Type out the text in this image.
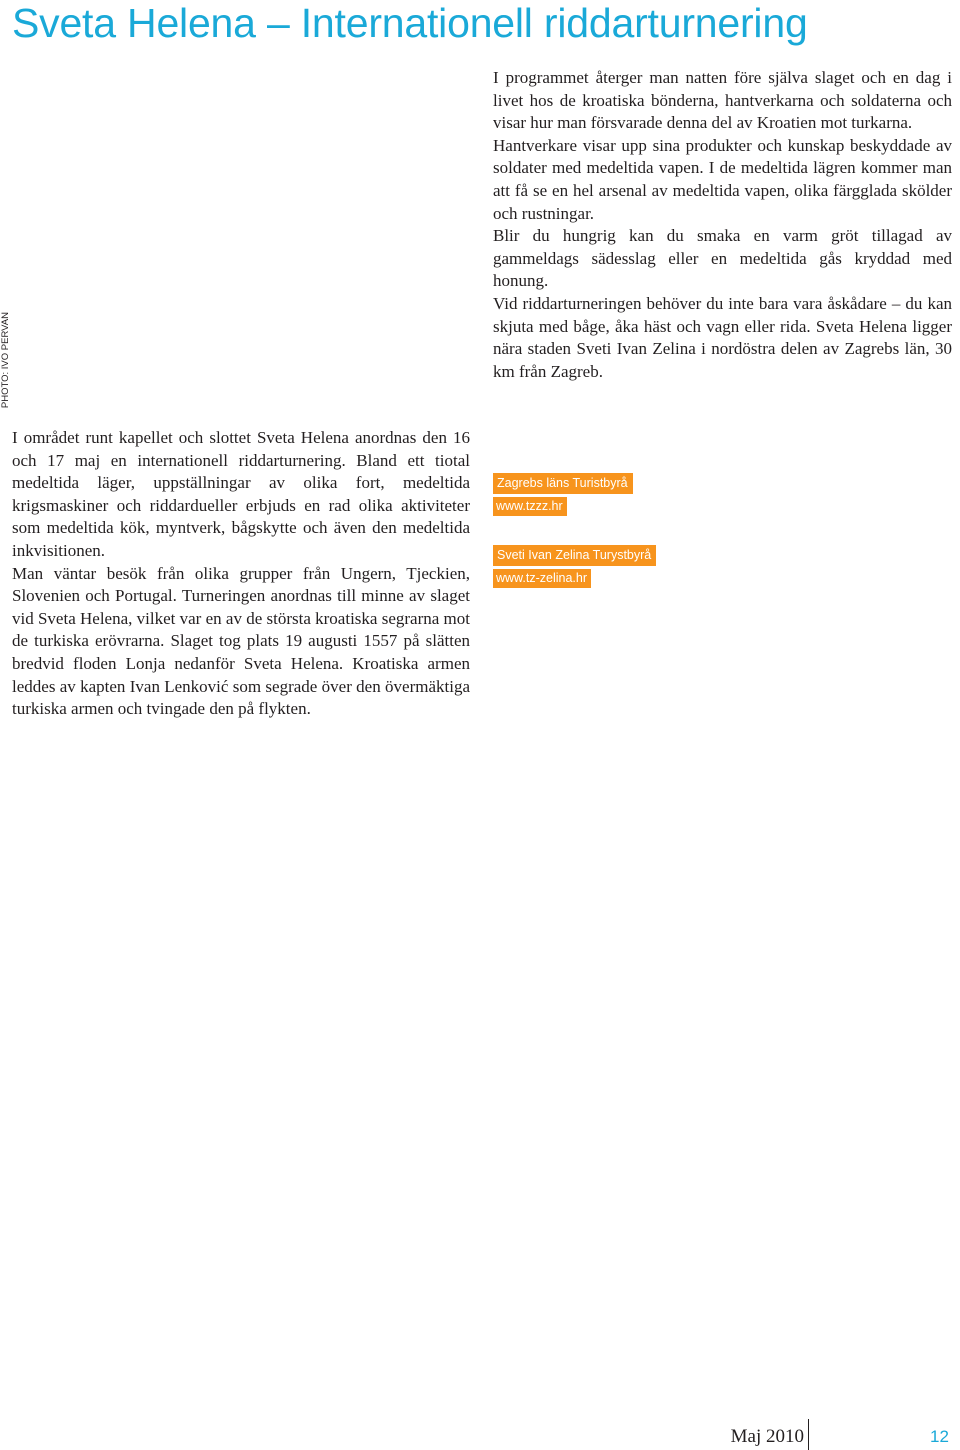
Sveta Helena – Internationell riddarturnering
PHOTO: IVO PERVAN

I programmet återger man natten före själva slaget och en dag i livet hos de kroatiska bönderna, hantverkarna och soldaterna och visar hur man försvarade denna del av Kroatien mot turkarna.

Hantverkare visar upp sina produkter och kunskap beskyddade av soldater med medeltida vapen. I de medeltida lägren kommer man att få se en hel arsenal av medeltida vapen, olika färgglada skölder och rustningar.

Blir du hungrig kan du smaka en varm gröt tillagad av gammeldags sädesslag eller en medeltida gås kryddad med honung.

Vid riddarturneringen behöver du inte bara vara åskådare – du kan skjuta med båge, åka häst och vagn eller rida. Sveta Helena ligger nära staden Sveti Ivan Zelina i nordöstra delen av Zagrebs län, 30 km från Zagreb.

I området runt kapellet och slottet Sveta Helena anordnas den 16 och 17 maj en internationell riddarturnering. Bland ett tiotal medeltida läger, uppställningar av olika fort, medeltida krigsmaskiner och riddardueller erbjuds en rad olika aktiviteter som medeltida kök, myntverk, bågskytte och även den medeltida inkvisitionen.

Man väntar besök från olika grupper från Ungern, Tjeckien, Slovenien och Portugal. Turneringen anordnas till minne av slaget vid Sveta Helena, vilket var en av de största kroatiska segrarna mot de turkiska erövrarna. Slaget tog plats 19 augusti 1557 på slätten bredvid floden Lonja nedanför Sveta Helena. Kroatiska armen leddes av kapten Ivan Lenković som segrade över den övermäktiga turkiska armen och tvingade den på flykten.

Zagrebs läns Turistbyrå
www.tzzz.hr
Sveti Ivan Zelina Turystbyrå
www.tz-zelina.hr
Maj 2010	12
